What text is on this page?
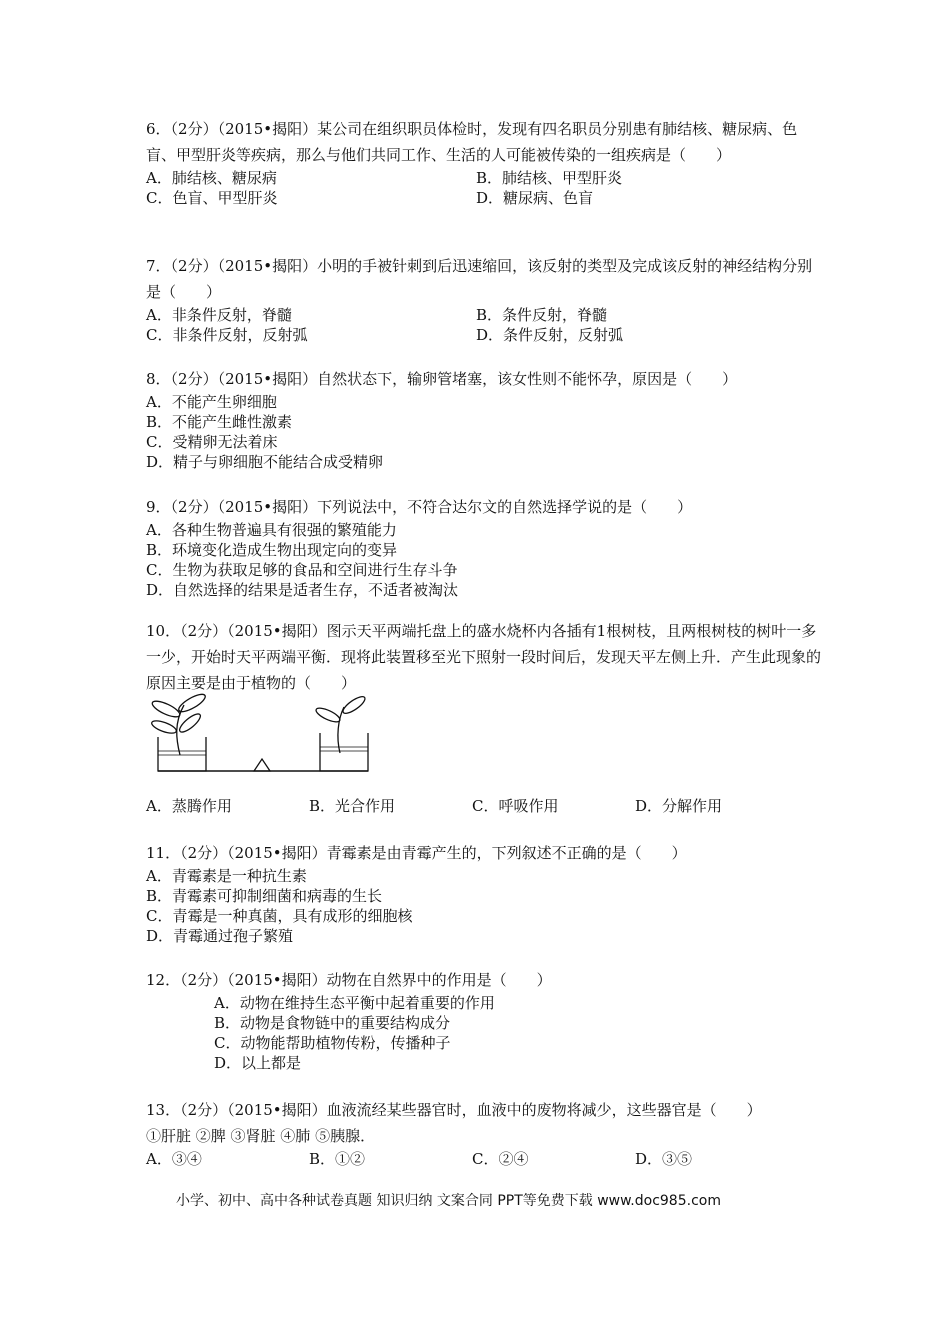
6．（2分）（2015•揭阳）某公司在组织职员体检时，发现有四名职员分别患有肺结核、糖尿病、色盲、甲型肝炎等疾病，那么与他们共同工作、生活的人可能被传染的一组疾病是（　　）

A．肺结核、糖尿病	B．肺结核、甲型肝炎
C．色盲、甲型肝炎	D．糖尿病、色盲

7．（2分）（2015•揭阳）小明的手被针刺到后迅速缩回，该反射的类型及完成该反射的神经结构分别是（　　）

A．非条件反射，脊髓	B．条件反射，脊髓
C．非条件反射，反射弧	D．条件反射，反射弧

8．（2分）（2015•揭阳）自然状态下，输卵管堵塞，该女性则不能怀孕，原因是（　　）

A．不能产生卵细胞
B．不能产生雌性激素
C．受精卵无法着床
D．精子与卵细胞不能结合成受精卵

9．（2分）（2015•揭阳）下列说法中，不符合达尔文的自然选择学说的是（　　）

A．各种生物普遍具有很强的繁殖能力
B．环境变化造成生物出现定向的变异
C．生物为获取足够的食品和空间进行生存斗争
D．自然选择的结果是适者生存，不适者被淘汰

10．（2分）（2015•揭阳）图示天平两端托盘上的盛水烧杯内各插有1根树枝，且两根树枝的树叶一多一少，开始时天平两端平衡．现将此装置移至光下照射一段时间后，发现天平左侧上升．产生此现象的原因主要是由于植物的（　　）

A．蒸腾作用	B．光合作用	C．呼吸作用	D．分解作用

11．（2分）（2015•揭阳）青霉素是由青霉产生的，下列叙述不正确的是（　　）

A．青霉素是一种抗生素
B．青霉素可抑制细菌和病毒的生长
C．青霉是一种真菌，具有成形的细胞核
D．青霉通过孢子繁殖

12．（2分）（2015•揭阳）动物在自然界中的作用是（　　）

A．动物在维持生态平衡中起着重要的作用
B．动物是食物链中的重要结构成分
C．动物能帮助植物传粉，传播种子
D．以上都是

13．（2分）（2015•揭阳）血液流经某些器官时，血液中的废物将减少，这些器官是（　　）

①肝脏 ②脾 ③肾脏 ④肺 ⑤胰腺．

A．③④	B．①②	C．②④	D．③⑤
小学、初中、高中各种试卷真题 知识归纳 文案合同 PPT等免费下载 www.doc985.com
